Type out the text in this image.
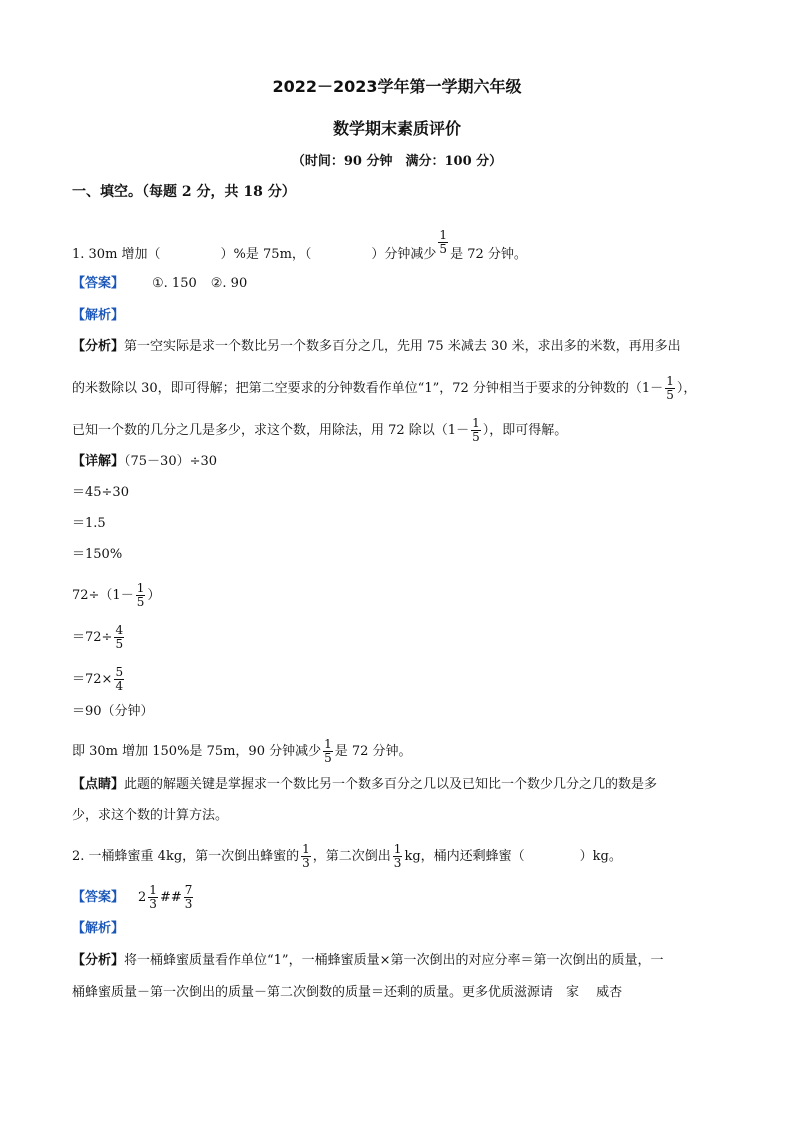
2022－2023学年第一学期六年级
数学期末素质评价
（时间：90 分钟　满分：100 分）
一、填空。（每题 2 分，共 18 分）
1. 30m 增加（	）%是 75m，（	）分钟减少 $\frac{1}{5}$ 是 72 分钟。
【答案】 ①. 150 ②. 90
【解析】
【分析】第一空实际是求一个数比另一个数多百分之几，先用 75 米减去 30 米，求出多的米数，再用多出
的米数除以 30，即可得解；把第二空要求的分钟数看作单位“1”，72 分钟相当于要求的分钟数的（$1- \frac{1}{5}$ ），
已知一个数的几分之几是多少，求这个数，用除法，用 72 除以（$1- \frac{1}{5}$ ），即可得解。
【详解】（75－30）÷30
＝45÷30
＝1.5
＝150%
$72\div(1- \frac{1}{5}$ ）
$=72\div \frac{4}{5}$
$=72\times \frac{5}{4}$
＝90（分钟）
即 30m 增加 150%是 75m，90 分钟减少 $\frac{1}{5}$ 是 72 分钟。
【点睛】此题的解题关键是掌握求一个数比另一个数多百分之几以及已知比一个数少几分之几的数是多
少，求这个数的计算方法。
2. 一桶蜂蜜重 4kg，第一次倒出蜂蜜的 $\frac{1}{3}$ ，第二次倒出 $\frac{1}{3}$ kg，桶内还剩蜂蜜（	）kg。
【答案】 $2 \frac{1}{3}$ ## $\frac{7}{3}$
【解析】
【分析】将一桶蜂蜜质量看作单位“1”，一桶蜂蜜质量×第一次倒出的对应分率＝第一次倒出的质量，一
桶蜂蜜质量－第一次倒出的质量－第二次倒数的质量＝还剩的质量。更多优质滋源请　家　 威杏
